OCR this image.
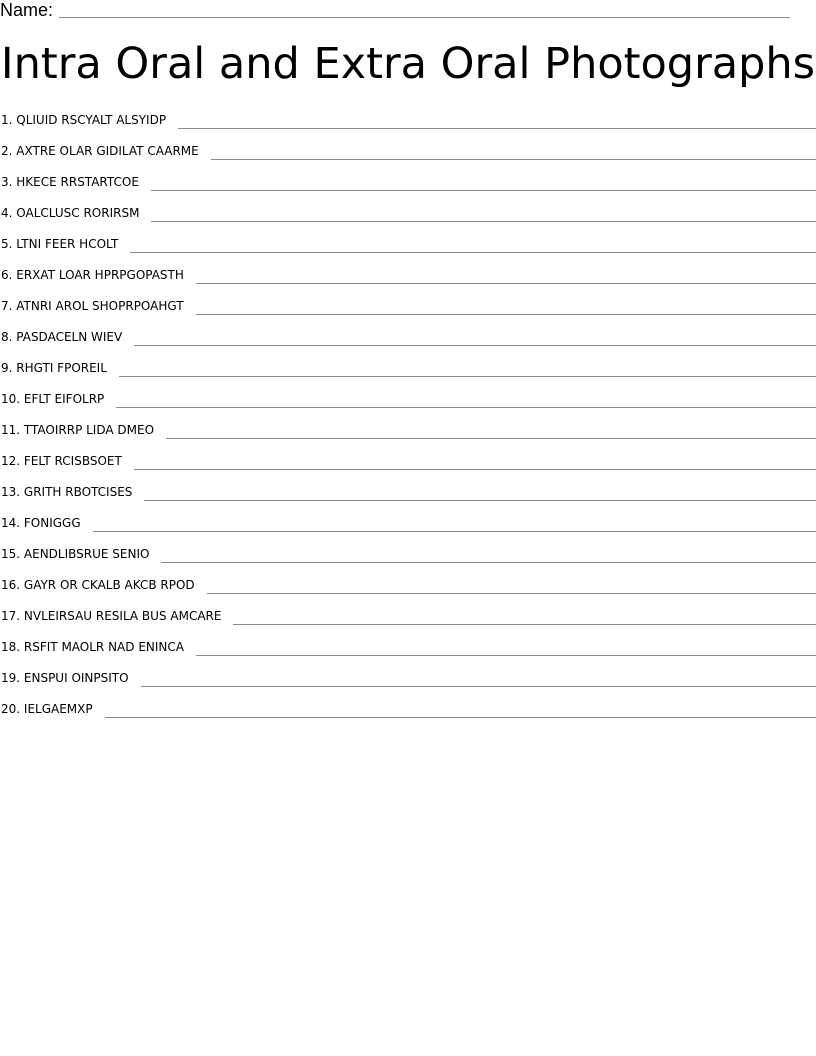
Name:
Intra Oral and Extra Oral Photographs
1. QLIUID RSCYALT ALSYIDP
2. AXTRE OLAR GIDILAT CAARME
3. HKECE RRSTARTCOE
4. OALCLUSC RORIRSM
5. LTNI FEER HCOLT
6. ERXAT LOAR HPRPGOPASTH
7. ATNRI AROL SHOPRPOAHGT
8. PASDACELN WIEV
9. RHGTI FPOREIL
10. EFLT EIFOLRP
11. TTAOIRRP LIDA DMEO
12. FELT RCISBSOET
13. GRITH RBOTCISES
14. FONIGGG
15. AENDLIBSRUE SENIO
16. GAYR OR CKALB AKCB RPOD
17. NVLEIRSAU RESILA BUS AMCARE
18. RSFIT MAOLR NAD ENINCA
19. ENSPUI OINPSITO
20. IELGAEMXP
